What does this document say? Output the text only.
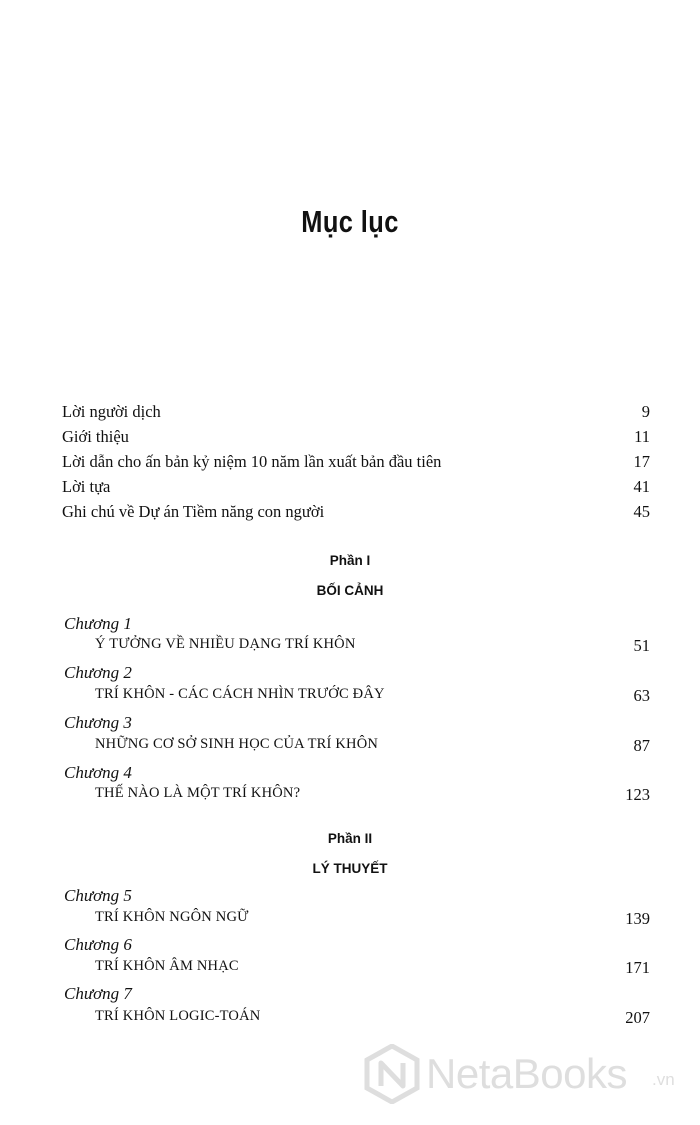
Mục lục
Lời người dịch	9
Giới thiệu	11
Lời dẫn cho ấn bản kỷ niệm 10 năm lần xuất bản đầu tiên	17
Lời tựa	41
Ghi chú về Dự án Tiềm năng con người	45
Phần I
BỐI CẢNH
Chương 1
Ý TƯỞNG VỀ NHIỀU DẠNG TRÍ KHÔN	51
Chương 2
TRÍ KHÔN - CÁC CÁCH NHÌN TRƯỚC ĐÂY	63
Chương 3
NHỮNG CƠ SỞ SINH HỌC CỦA TRÍ KHÔN	87
Chương 4
THẾ NÀO LÀ MỘT TRÍ KHÔN?	123
Phần II
LÝ THUYẾT
Chương 5
TRÍ KHÔN NGÔN NGỮ	139
Chương 6
TRÍ KHÔN ÂM NHẠC	171
Chương 7
TRÍ KHÔN LOGIC-TOÁN	207
NetaBooks .vn
